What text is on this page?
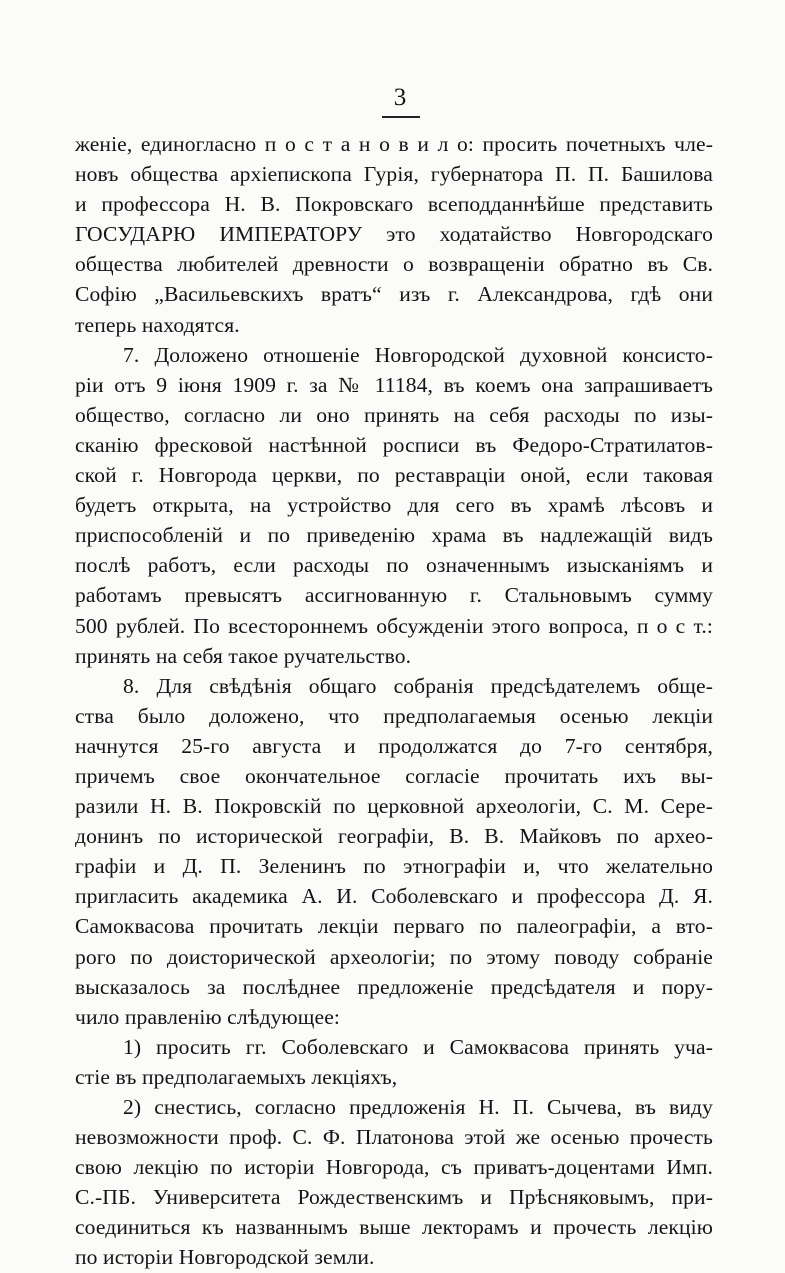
3
женіе, единогласно п о с т а н о в и л о: просить почетныхъ чле-
новъ общества архіепископа Гурія, губернатора П. П. Башилова
и профессора Н. В. Покровскаго всеподданнѣйше представить
ГОСУДАРЮ ИМПЕРАТОРУ это ходатайство Новгородскаго
общества любителей древности о возвращеніи обратно въ Св.
Софію „Васильевскихъ вратъ“ изъ г. Александрова, гдѣ они
теперь находятся.
7. Доложено отношеніе Новгородской духовной консисто-
ріи отъ 9 іюня 1909 г. за № 11184, въ коемъ она запрашиваетъ
общество, согласно ли оно принять на себя расходы по изы-
сканію фресковой настѣнной росписи въ Федоро-Стратилатов-
ской г. Новгорода церкви, по реставраціи оной, если таковая
будетъ открыта, на устройство для сего въ храмѣ лѣсовъ и
приспособленій и по приведенію храма въ надлежащій видъ
послѣ работъ, если расходы по означеннымъ изысканіямъ и
работамъ превысятъ ассигнованную г. Стальновымъ сумму
500 рублей. По всестороннемъ обсужденіи этого вопроса, п о с т.:
принять на себя такое ручательство.
8. Для свѣдѣнія общаго собранія предсѣдателемъ общe-
ства было доложено, что предполагаемыя осенью лекціи
начнутся 25-го августа и продолжатся до 7-го сентября,
причемъ свое окончательное согласіе прочитать ихъ вы-
разили Н. В. Покровскій по церковной археологіи, С. М. Сере-
донинъ по исторической географіи, В. В. Майковъ по археo-
графіи и Д. П. Зеленинъ по этнографіи и, что желательно
пригласить академика А. И. Соболевскаго и профессора Д. Я.
Самоквасова прочитать лекціи перваго по палеографіи, а вто-
рого по доисторической археологіи; по этому поводу собраніе
высказалось за послѣднее предложеніе предсѣдателя и пору-
чило правленію слѣдующее:
1) просить гг. Соболевскаго и Самоквасова принять уча-
стіе въ предполагаемыхъ лекціяхъ,
2) снестись, согласно предложенія Н. П. Сычева, въ виду
невозможности проф. С. Ф. Платонова этой же осенью прочесть
свою лекцію по исторіи Новгорода, съ приватъ-доцентами Имп.
С.-ПБ. Университета Рождественскимъ и Прѣсняковымъ, при-
соединиться къ названнымъ выше лекторамъ и прочесть лекцію
по исторіи Новгородской земли.
